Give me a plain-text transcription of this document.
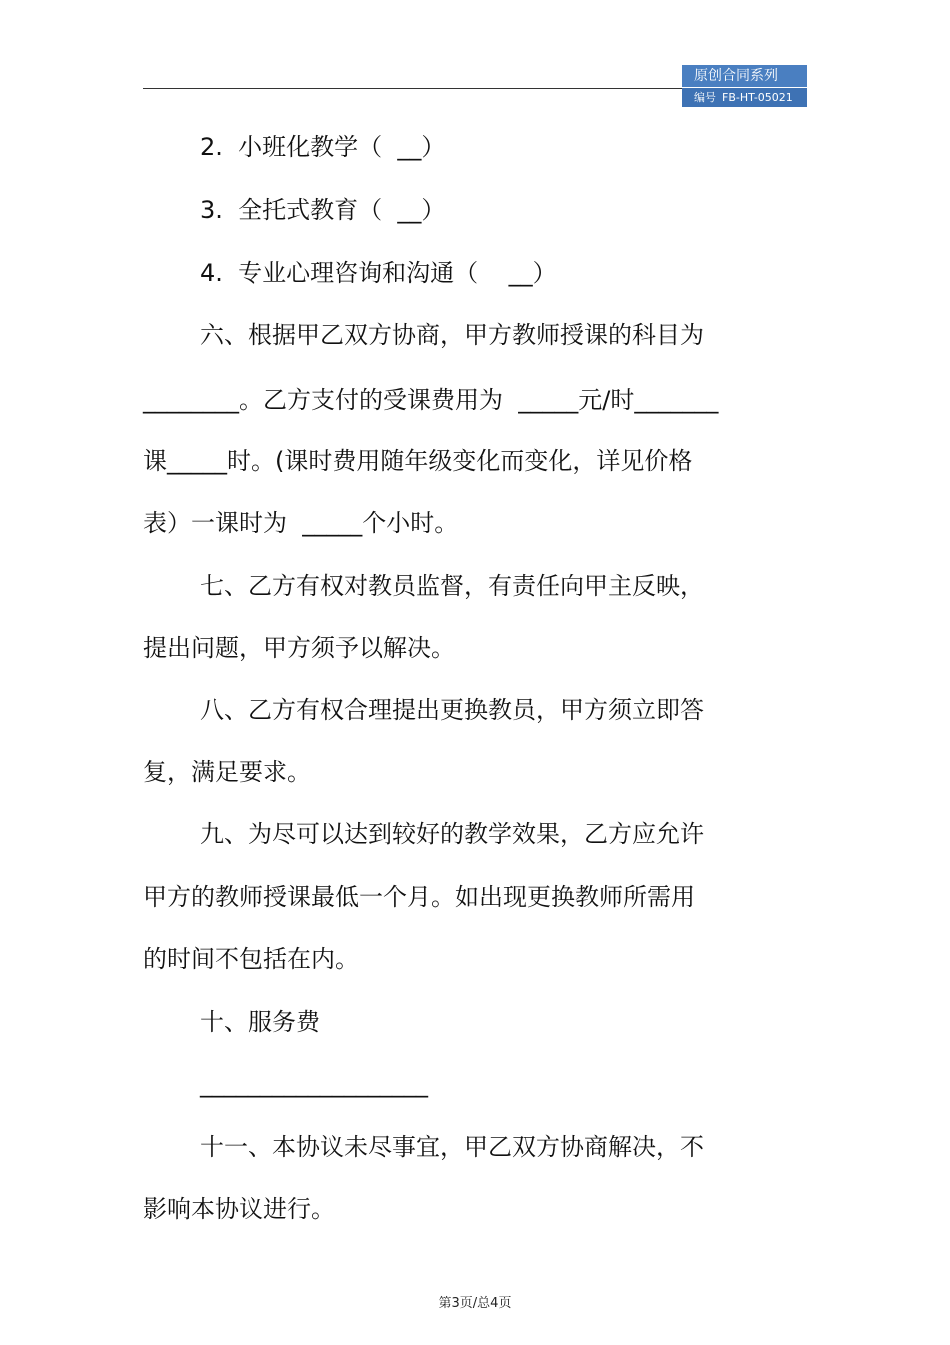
原创合同系列
编号 FB-HT-05021
2.  小班化教学（  __）
3.  全托式教育（  __）
4.  专业心理咨询和沟通（    __）
六、根据甲乙双方协商，甲方教师授课的科目为
________。乙方支付的受课费用为  _____元/时_______
课_____时。(课时费用随年级变化而变化，详见价格
表）一课时为  _____个小时。
七、乙方有权对教员监督，有责任向甲主反映，
提出问题，甲方须予以解决。
八、乙方有权合理提出更换教员，甲方须立即答
复，满足要求。
九、为尽可以达到较好的教学效果，乙方应允许
甲方的教师授课最低一个月。如出现更换教师所需用
的时间不包括在内。
十、服务费
___________________
十一、本协议未尽事宜，甲乙双方协商解决，不
影响本协议进行。
第3页/总4页
